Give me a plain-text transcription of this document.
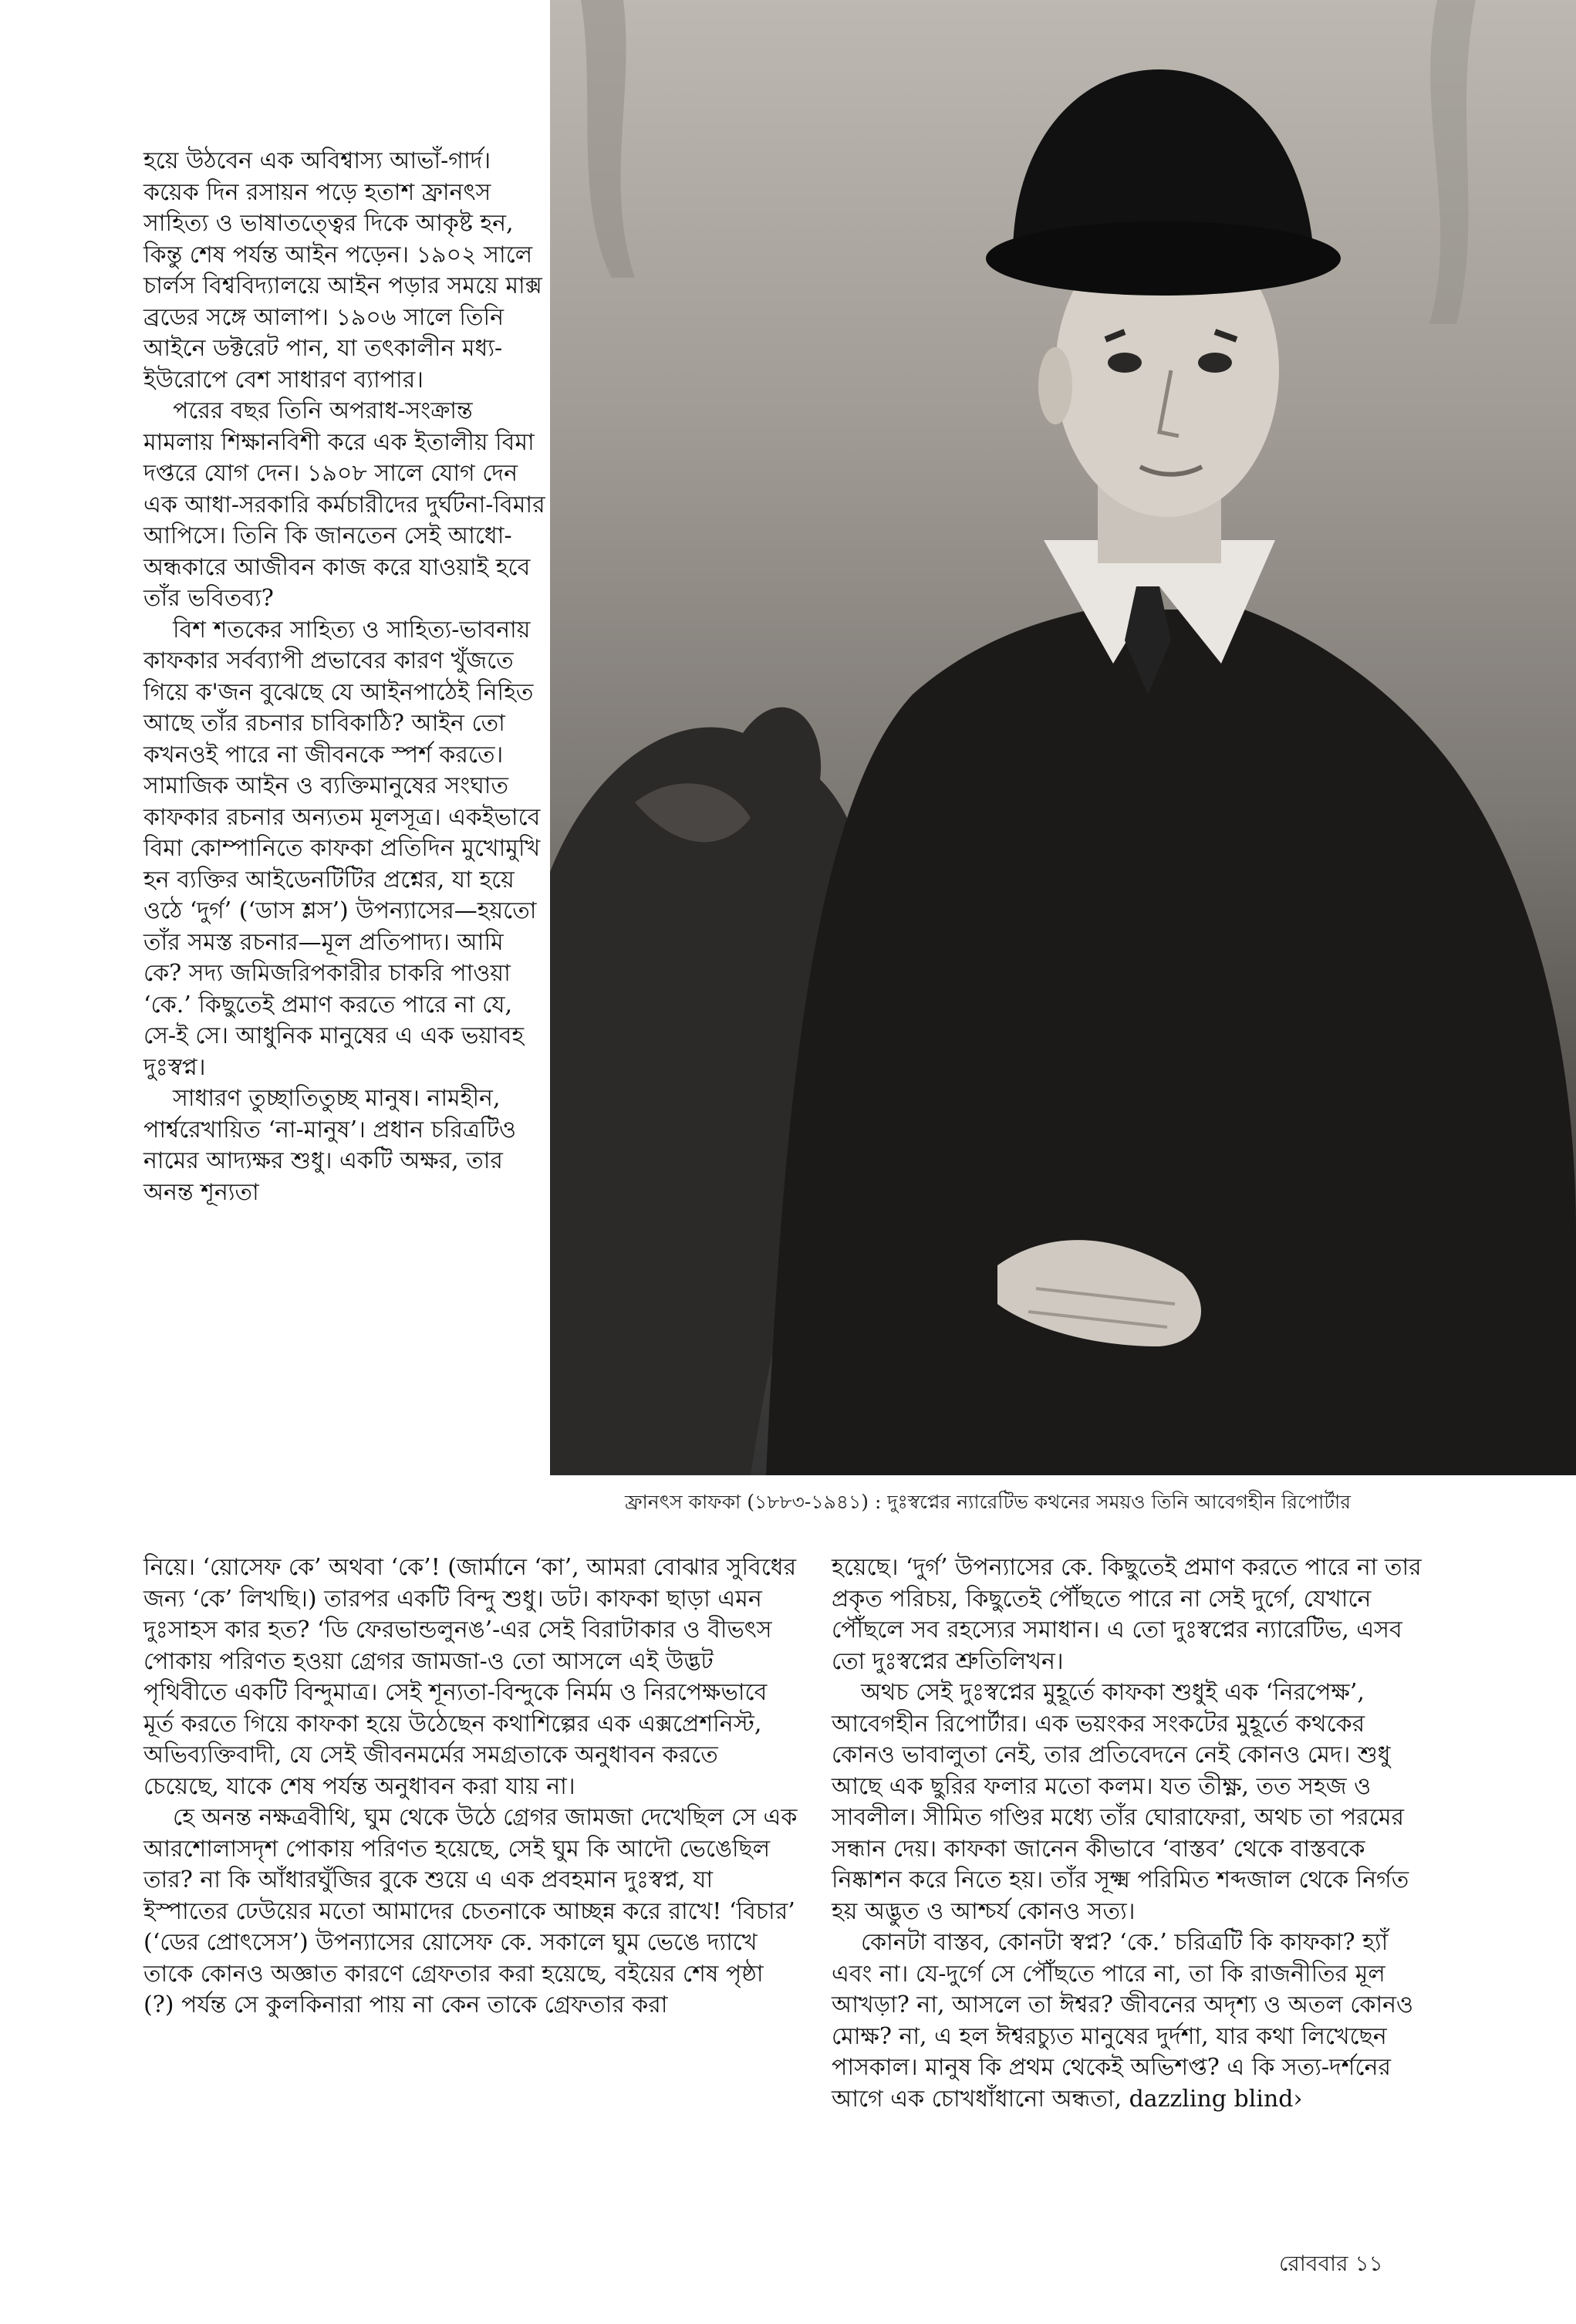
হয়ে উঠবেন এক অবিশ্বাস্য আভাঁ-গার্দ। কয়েক দিন রসায়ন পড়ে হতাশ ফ্রানৎস সাহিত্য ও ভাষাতত্ত্বের দিকে আকৃষ্ট হন, কিন্তু শেষ পর্যন্ত আইন পড়েন। ১৯০২ সালে চার্লস বিশ্ববিদ্যালয়ে আইন পড়ার সময়ে মাক্স ব্রডের সঙ্গে আলাপ। ১৯০৬ সালে তিনি আইনে ডক্টরেট পান, যা তৎকালীন মধ্য-ইউরোপে বেশ সাধারণ ব্যাপার।

পরের বছর তিনি অপরাধ-সংক্রান্ত মামলায় শিক্ষানবিশী করে এক ইতালীয় বিমা দপ্তরে যোগ দেন। ১৯০৮ সালে যোগ দেন এক আধা-সরকারি কর্মচারীদের দুর্ঘটনা-বিমার আপিসে। তিনি কি জানতেন সেই আধো-অন্ধকারে আজীবন কাজ করে যাওয়াই হবে তাঁর ভবিতব্য?

বিশ শতকের সাহিত্য ও সাহিত্য-ভাবনায় কাফকার সর্বব্যাপী প্রভাবের কারণ খুঁজতে গিয়ে ক'জন বুঝেছে যে আইনপাঠেই নিহিত আছে তাঁর রচনার চাবিকাঠি? আইন তো কখনওই পারে না জীবনকে স্পর্শ করতে। সামাজিক আইন ও ব্যক্তিমানুষের সংঘাত কাফকার রচনার অন্যতম মূলসূত্র। একইভাবে বিমা কোম্পানিতে কাফকা প্রতিদিন মুখোমুখি হন ব্যক্তির আইডেনটিটির প্রশ্নের, যা হয়ে ওঠে ‘দুর্গ’ (‘ডাস শ্লস’) উপন্যাসের—হয়তো তাঁর সমস্ত রচনার—মূল প্রতিপাদ্য। আমি কে? সদ্য জমিজরিপকারীর চাকরি পাওয়া ‘কে.’ কিছুতেই প্রমাণ করতে পারে না যে, সে-ই সে। আধুনিক মানুষের এ এক ভয়াবহ দুঃস্বপ্ন।

সাধারণ তুচ্ছাতিতুচ্ছ মানুষ। নামহীন, পার্শ্বরেখায়িত ‘না-মানুষ’। প্রধান চরিত্রটিও নামের আদ্যক্ষর শুধু। একটি অক্ষর, তার অনন্ত শূন্যতা

ফ্রানৎস কাফকা (১৮৮৩-১৯৪১) : দুঃস্বপ্নের ন্যারেটিভ কথনের সময়ও তিনি আবেগহীন রিপোর্টার

নিয়ে। ‘য়োসেফ কে’ অথবা ‘কে’! (জার্মানে ‘কা’, আমরা বোঝার সুবিধের জন্য ‘কে’ লিখছি।) তারপর একটি বিন্দু শুধু। ডট। কাফকা ছাড়া এমন দুঃসাহস কার হত? ‘ডি ফেরভান্ডলুনঙ’-এর সেই বিরাটাকার ও বীভৎস পোকায় পরিণত হওয়া গ্রেগর জামজা-ও তো আসলে এই উদ্ভট পৃথিবীতে একটি বিন্দুমাত্র। সেই শূন্যতা-বিন্দুকে নির্মম ও নিরপেক্ষভাবে মূর্ত করতে গিয়ে কাফকা হয়ে উঠেছেন কথাশিল্পের এক এক্সপ্রেশনিস্ট, অভিব্যক্তিবাদী, যে সেই জীবনমর্মের সমগ্রতাকে অনুধাবন করতে চেয়েছে, যাকে শেষ পর্যন্ত অনুধাবন করা যায় না।

হে অনন্ত নক্ষত্রবীথি, ঘুম থেকে উঠে গ্রেগর জামজা দেখেছিল সে এক আরশোলাসদৃশ পোকায় পরিণত হয়েছে, সেই ঘুম কি আদৌ ভেঙেছিল তার? না কি আঁধারঘুঁজির বুকে শুয়ে এ এক প্রবহমান দুঃস্বপ্ন, যা ইস্পাতের ঢেউয়ের মতো আমাদের চেতনাকে আচ্ছন্ন করে রাখে! ‘বিচার’ (‘ডের প্রোৎসেস’) উপন্যাসের য়োসেফ কে. সকালে ঘুম ভেঙে দ্যাখে তাকে কোনও অজ্ঞাত কারণে গ্রেফতার করা হয়েছে, বইয়ের শেষ পৃষ্ঠা (?) পর্যন্ত সে কুলকিনারা পায় না কেন তাকে গ্রেফতার করা

হয়েছে। ‘দুর্গ’ উপন্যাসের কে. কিছুতেই প্রমাণ করতে পারে না তার প্রকৃত পরিচয়, কিছুতেই পৌঁছতে পারে না সেই দুর্গে, যেখানে পৌঁছলে সব রহস্যের সমাধান। এ তো দুঃস্বপ্নের ন্যারেটিভ, এসব তো দুঃস্বপ্নের শ্রুতিলিখন।

অথচ সেই দুঃস্বপ্নের মুহূর্তে কাফকা শুধুই এক ‘নিরপেক্ষ’, আবেগহীন রিপোর্টার। এক ভয়ংকর সংকটের মুহূর্তে কথকের কোনও ভাবালুতা নেই, তার প্রতিবেদনে নেই কোনও মেদ। শুধু আছে এক ছুরির ফলার মতো কলম। যত তীক্ষ্ণ, তত সহজ ও সাবলীল। সীমিত গণ্ডির মধ্যে তাঁর ঘোরাফেরা, অথচ তা পরমের সন্ধান দেয়। কাফকা জানেন কীভাবে ‘বাস্তব’ থেকে বাস্তবকে নিষ্কাশন করে নিতে হয়। তাঁর সূক্ষ্ম পরিমিত শব্দজাল থেকে নির্গত হয় অদ্ভুত ও আশ্চর্য কোনও সত্য।

কোনটা বাস্তব, কোনটা স্বপ্ন? ‘কে.’ চরিত্রটি কি কাফকা? হ্যাঁ এবং না। যে-দুর্গে সে পৌঁছতে পারে না, তা কি রাজনীতির মূল আখড়া? না, আসলে তা ঈশ্বর? জীবনের অদৃশ্য ও অতল কোনও মোক্ষ? না, এ হল ঈশ্বরচ্যুত মানুষের দুর্দশা, যার কথা লিখেছেন পাসকাল। মানুষ কি প্রথম থেকেই অভিশপ্ত? এ কি সত্য-দর্শনের আগে এক চোখধাঁধানো অন্ধতা, dazzling blind›

রোববার ১১
